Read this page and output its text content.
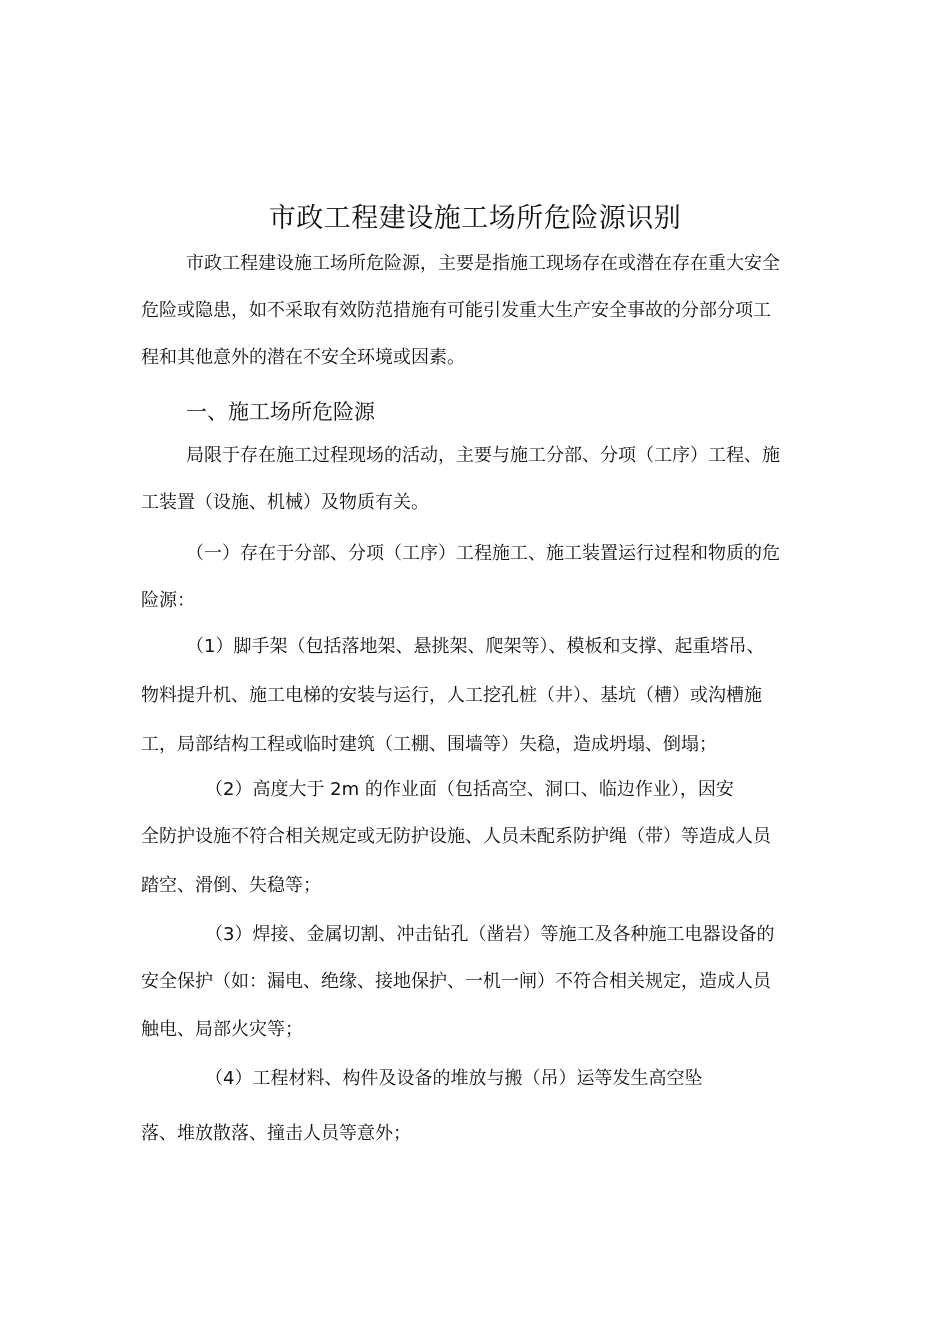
市政工程建设施工场所危险源识别
市政工程建设施工场所危险源，主要是指施工现场存在或潜在存在重大安全
危险或隐患，如不采取有效防范措施有可能引发重大生产安全事故的分部分项工
程和其他意外的潜在不安全环境或因素。
一、施工场所危险源
局限于存在施工过程现场的活动，主要与施工分部、分项（工序）工程、施
工装置（设施、机械）及物质有关。
（一）存在于分部、分项（工序）工程施工、施工装置运行过程和物质的危
险源：
（1）脚手架（包括落地架、悬挑架、爬架等）、模板和支撑、起重塔吊、
物料提升机、施工电梯的安装与运行，人工挖孔桩（井）、基坑（槽）或沟槽施
工，局部结构工程或临时建筑（工棚、围墙等）失稳，造成坍塌、倒塌；
（2）高度大于 2m 的作业面（包括高空、洞口、临边作业），因安
全防护设施不符合相关规定或无防护设施、人员未配系防护绳（带）等造成人员
踏空、滑倒、失稳等；
（3）焊接、金属切割、冲击钻孔（凿岩）等施工及各种施工电器设备的
安全保护（如：漏电、绝缘、接地保护、一机一闸）不符合相关规定，造成人员
触电、局部火灾等；
（4）工程材料、构件及设备的堆放与搬（吊）运等发生高空坠
落、堆放散落、撞击人员等意外；
